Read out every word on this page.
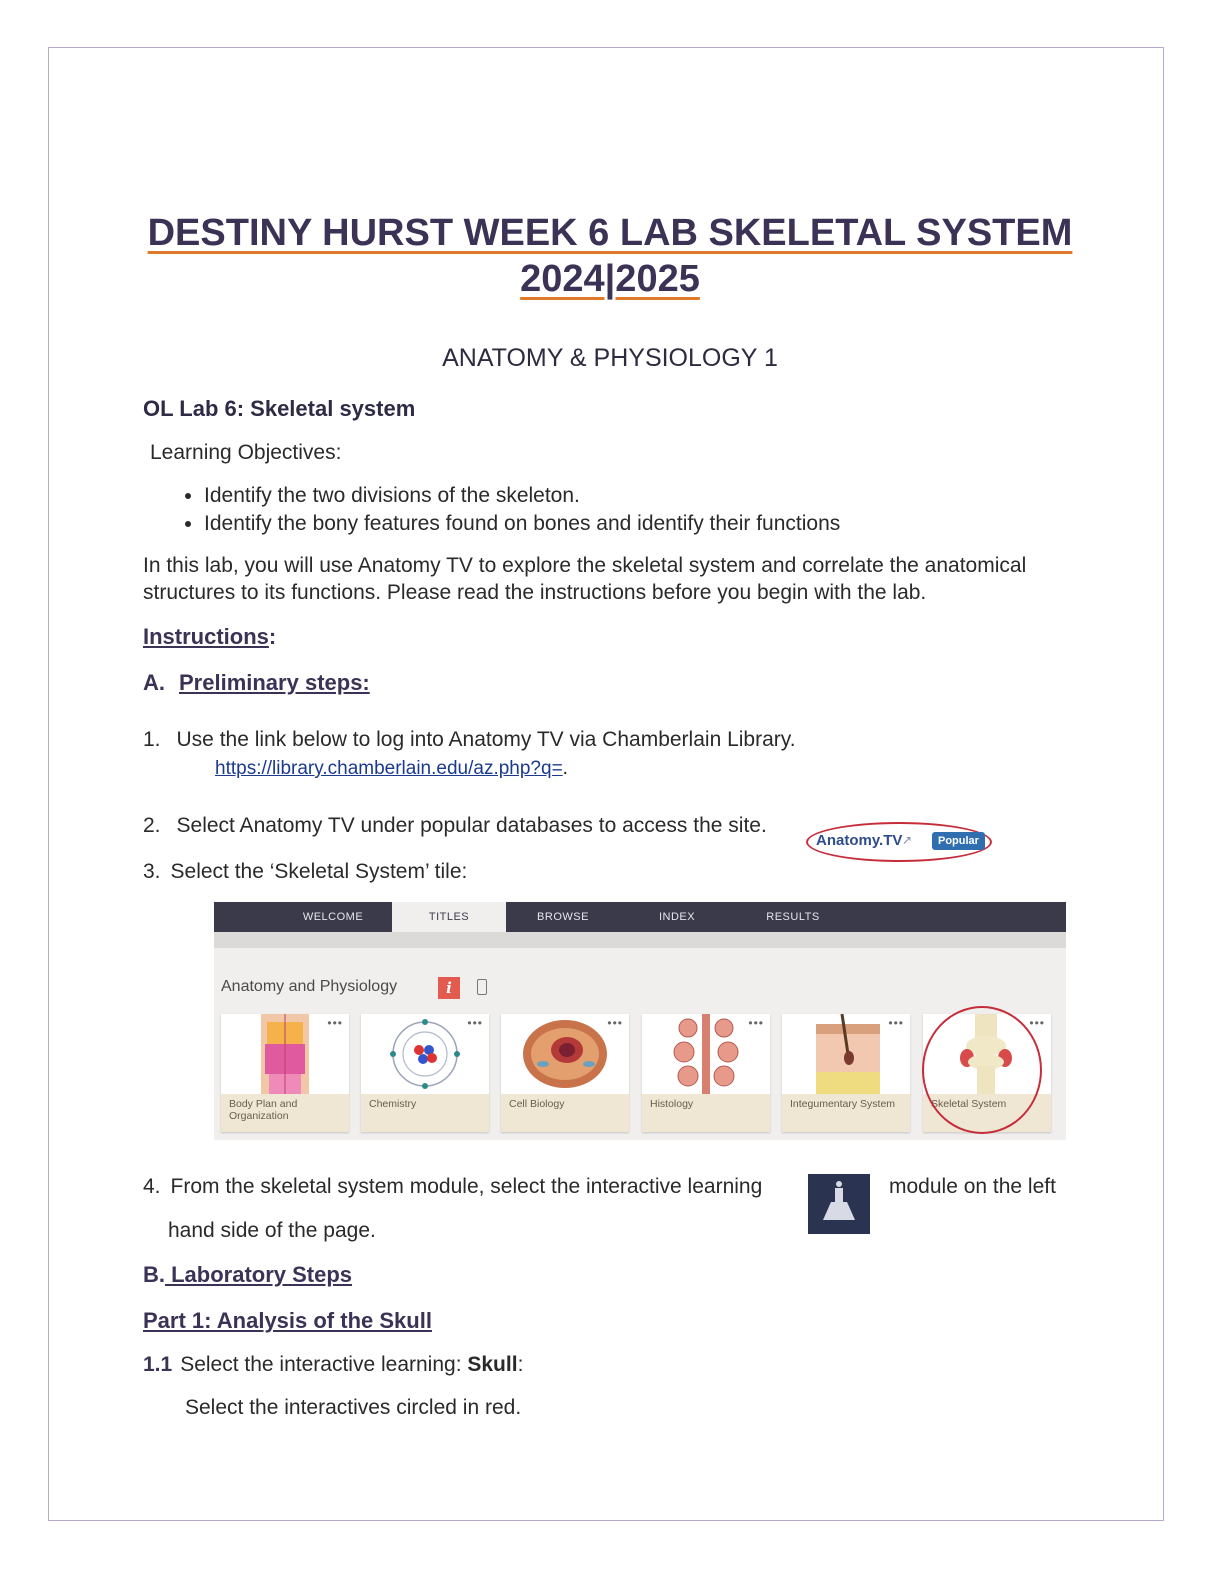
DESTINY HURST WEEK 6 LAB SKELETAL SYSTEM
2024|2025
ANATOMY & PHYSIOLOGY 1
OL Lab 6: Skeletal system
Learning Objectives:
• Identify the two divisions of the skeleton.
• Identify the bony features found on bones and identify their functions
In this lab, you will use Anatomy TV to explore the skeletal system and correlate the anatomical
structures to its functions. Please read the instructions before you begin with the lab.
Instructions:
A. Preliminary steps:
1. Use the link below to log into Anatomy TV via Chamberlain Library.
https://library.chamberlain.edu/az.php?q=.
2. Select Anatomy TV under popular databases to access the site.
Anatomy.TV ↗	Popular
3. Select the ‘Skeletal System’ tile:
WELCOME	TITLES	BROWSE	INDEX	RESULTS
Anatomy and Physiology	i
•••
Body Plan and Organization
•••
Chemistry
•••
Cell Biology
•••
Histology
•••
Integumentary System
•••
Skeletal System
4. From the skeletal system module, select the interactive learning	module on the left
hand side of the page.
B. Laboratory Steps
Part 1: Analysis of the Skull
1.1 Select the interactive learning: Skull:
Select the interactives circled in red.
